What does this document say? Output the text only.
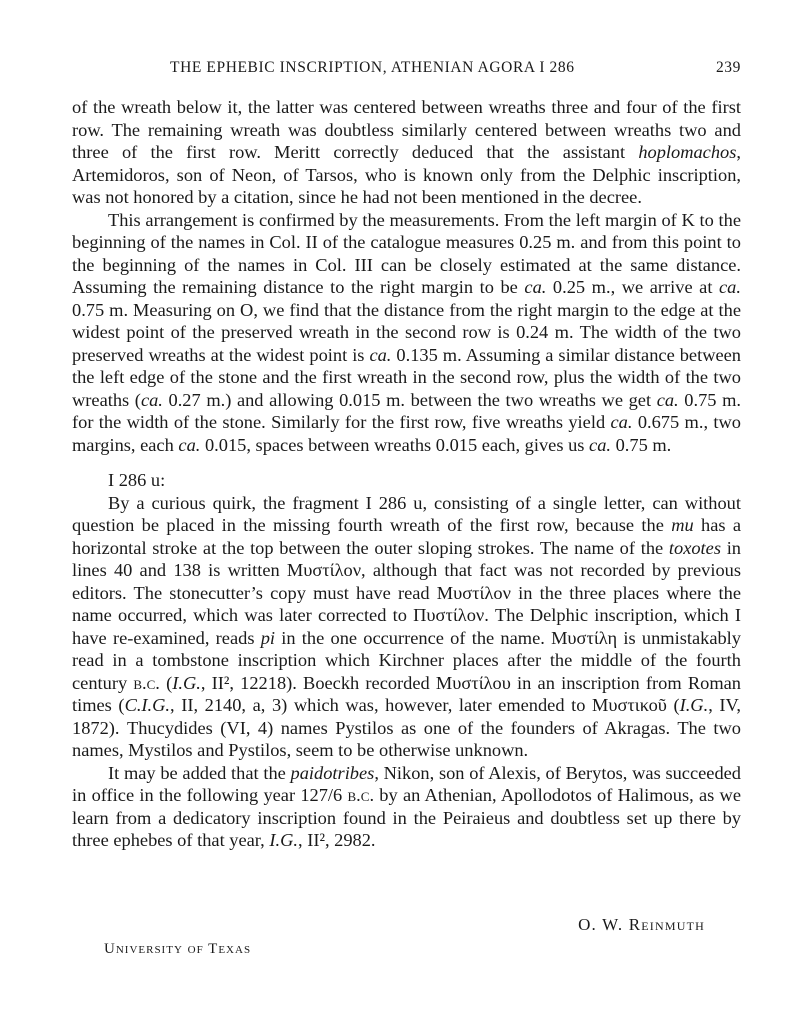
THE EPHEBIC INSCRIPTION, ATHENIAN AGORA I 286	239

of the wreath below it, the latter was centered between wreaths three and four of the first row. The remaining wreath was doubtless similarly centered between wreaths two and three of the first row. Meritt correctly deduced that the assistant hoplomachos, Artemidoros, son of Neon, of Tarsos, who is known only from the Delphic inscription, was not honored by a citation, since he had not been mentioned in the decree.

This arrangement is confirmed by the measurements. From the left margin of K to the beginning of the names in Col. II of the catalogue measures 0.25 m. and from this point to the beginning of the names in Col. III can be closely estimated at the same distance. Assuming the remaining distance to the right margin to be ca. 0.25 m., we arrive at ca. 0.75 m. Measuring on O, we find that the distance from the right margin to the edge at the widest point of the preserved wreath in the second row is 0.24 m. The width of the two preserved wreaths at the widest point is ca. 0.135 m. Assuming a similar distance between the left edge of the stone and the first wreath in the second row, plus the width of the two wreaths (ca. 0.27 m.) and allowing 0.015 m. between the two wreaths we get ca. 0.75 m. for the width of the stone. Similarly for the first row, five wreaths yield ca. 0.675 m., two margins, each ca. 0.015, spaces between wreaths 0.015 each, gives us ca. 0.75 m.

I 286 u:

By a curious quirk, the fragment I 286 u, consisting of a single letter, can without question be placed in the missing fourth wreath of the first row, because the mu has a horizontal stroke at the top between the outer sloping strokes. The name of the toxotes in lines 40 and 138 is written Μυστίλον, although that fact was not recorded by previous editors. The stonecutter’s copy must have read Μυστίλον in the three places where the name occurred, which was later corrected to Πυστίλον. The Delphic inscription, which I have re-examined, reads pi in the one occurrence of the name. Μυστίλη is unmistakably read in a tombstone inscription which Kirchner places after the middle of the fourth century b.c. (I.G., II², 12218). Boeckh recorded Μυστίλου in an inscription from Roman times (C.I.G., II, 2140, a, 3) which was, however, later emended to Μυστικοῦ (I.G., IV, 1872). Thucydides (VI, 4) names Pystilos as one of the founders of Akragas. The two names, Mystilos and Pystilos, seem to be otherwise unknown.

It may be added that the paidotribes, Nikon, son of Alexis, of Berytos, was succeeded in office in the following year 127/6 b.c. by an Athenian, Apollodotos of Halimous, as we learn from a dedicatory inscription found in the Peiraieus and doubtless set up there by three ephebes of that year, I.G., II², 2982.

O. W. Reinmuth
University of Texas
